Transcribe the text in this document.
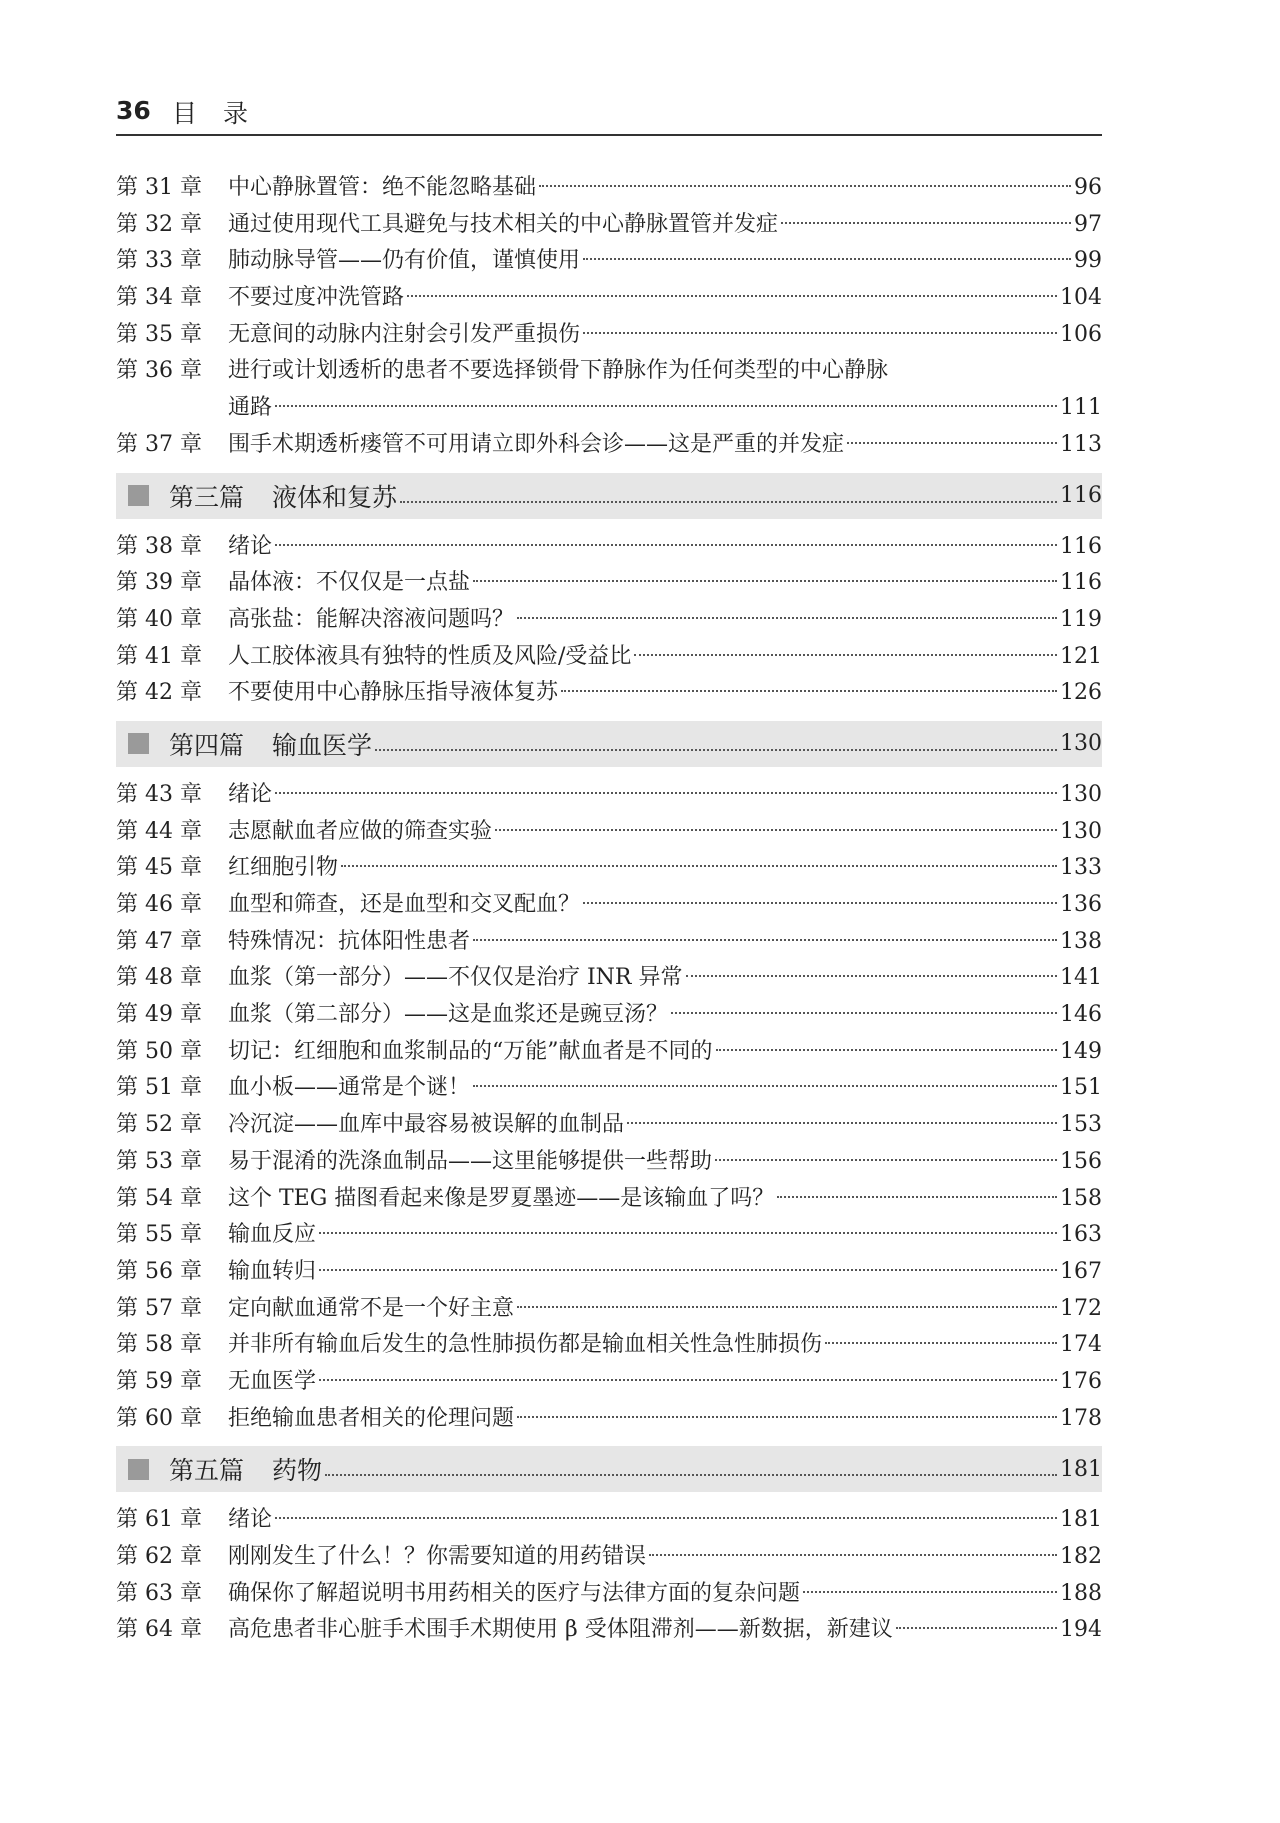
36 目录
第 31 章	中心静脉置管：绝不能忽略基础	96
第 32 章	通过使用现代工具避免与技术相关的中心静脉置管并发症	97
第 33 章	肺动脉导管——仍有价值，谨慎使用	99
第 34 章	不要过度冲洗管路	104
第 35 章	无意间的动脉内注射会引发严重损伤	106
第 36 章	进行或计划透析的患者不要选择锁骨下静脉作为任何类型的中心静脉
通路	111
第 37 章	围手术期透析瘘管不可用请立即外科会诊——这是严重的并发症	113
第三篇 液体和复苏	116
第 38 章	绪论	116
第 39 章	晶体液：不仅仅是一点盐	116
第 40 章	高张盐：能解决溶液问题吗？	119
第 41 章	人工胶体液具有独特的性质及风险/受益比	121
第 42 章	不要使用中心静脉压指导液体复苏	126
第四篇 输血医学	130
第 43 章	绪论	130
第 44 章	志愿献血者应做的筛查实验	130
第 45 章	红细胞引物	133
第 46 章	血型和筛查，还是血型和交叉配血？	136
第 47 章	特殊情况：抗体阳性患者	138
第 48 章	血浆（第一部分）——不仅仅是治疗 INR 异常	141
第 49 章	血浆（第二部分）——这是血浆还是豌豆汤？	146
第 50 章	切记：红细胞和血浆制品的“万能”献血者是不同的	149
第 51 章	血小板——通常是个谜！	151
第 52 章	冷沉淀——血库中最容易被误解的血制品	153
第 53 章	易于混淆的洗涤血制品——这里能够提供一些帮助	156
第 54 章	这个 TEG 描图看起来像是罗夏墨迹——是该输血了吗？	158
第 55 章	输血反应	163
第 56 章	输血转归	167
第 57 章	定向献血通常不是一个好主意	172
第 58 章	并非所有输血后发生的急性肺损伤都是输血相关性急性肺损伤	174
第 59 章	无血医学	176
第 60 章	拒绝输血患者相关的伦理问题	178
第五篇 药物	181
第 61 章	绪论	181
第 62 章	刚刚发生了什么！？你需要知道的用药错误	182
第 63 章	确保你了解超说明书用药相关的医疗与法律方面的复杂问题	188
第 64 章	高危患者非心脏手术围手术期使用 β 受体阻滞剂——新数据，新建议	194
